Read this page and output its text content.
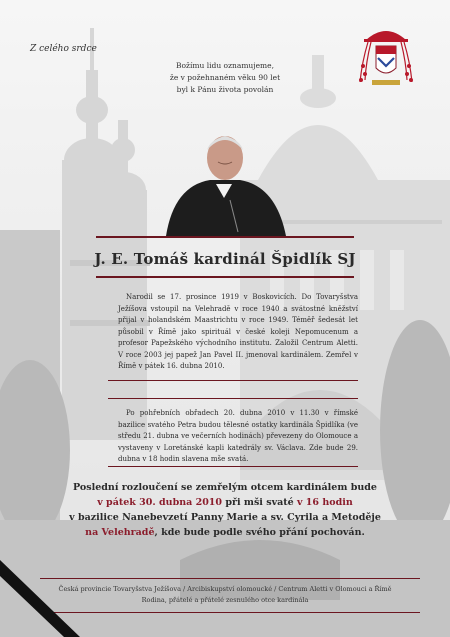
Z celého srdce
Božímu lidu oznamujeme,
že v požehnaném věku 90 let
byl k Pánu života povolán
J. E. Tomáš kardinál Špidlík SJ

Narodil se 17. prosince 1919 v Boskovicích. Do Tovaryšstva Ježíšova vstoupil na Velehradě v roce 1940 a svátostné kněžství přijal v holandském Maastrichtu v roce 1949. Téměř šedesát let působil v Římě jako spirituál v české koleji Nepomucenum a profesor Papežského východního institutu. Založil Centrum Aletti. V roce 2003 jej papež Jan Pavel II. jmenoval kardinálem. Zemřel v Římě v pátek 16. dubna 2010.

Po pohřebních obřadech 20. dubna 2010 v 11.30 v římské bazilice svatého Petra budou tělesné ostatky kardinála Špidlíka (ve středu 21. dubna ve večerních hodinách) převezeny do Olomouce a vystaveny v Loretánské kapli katedrály sv. Václava. Zde bude 29. dubna v 18 hodin slavena mše svatá.

Poslední rozloučení se zemřelým otcem kardinálem bude
v pátek 30. dubna 2010 při mši svaté v 16 hodin
v bazilice Nanebevzetí Panny Marie a sv. Cyrila a Metoděje
na Velehradě, kde bude podle svého přání pochován.
Česká provincie Tovaryšstva Ježíšova / Arcibiskupství olomoucké / Centrum Aletti v Olomouci a Římě
Rodina, přátelé a přátelé zesnulého otce kardinála
